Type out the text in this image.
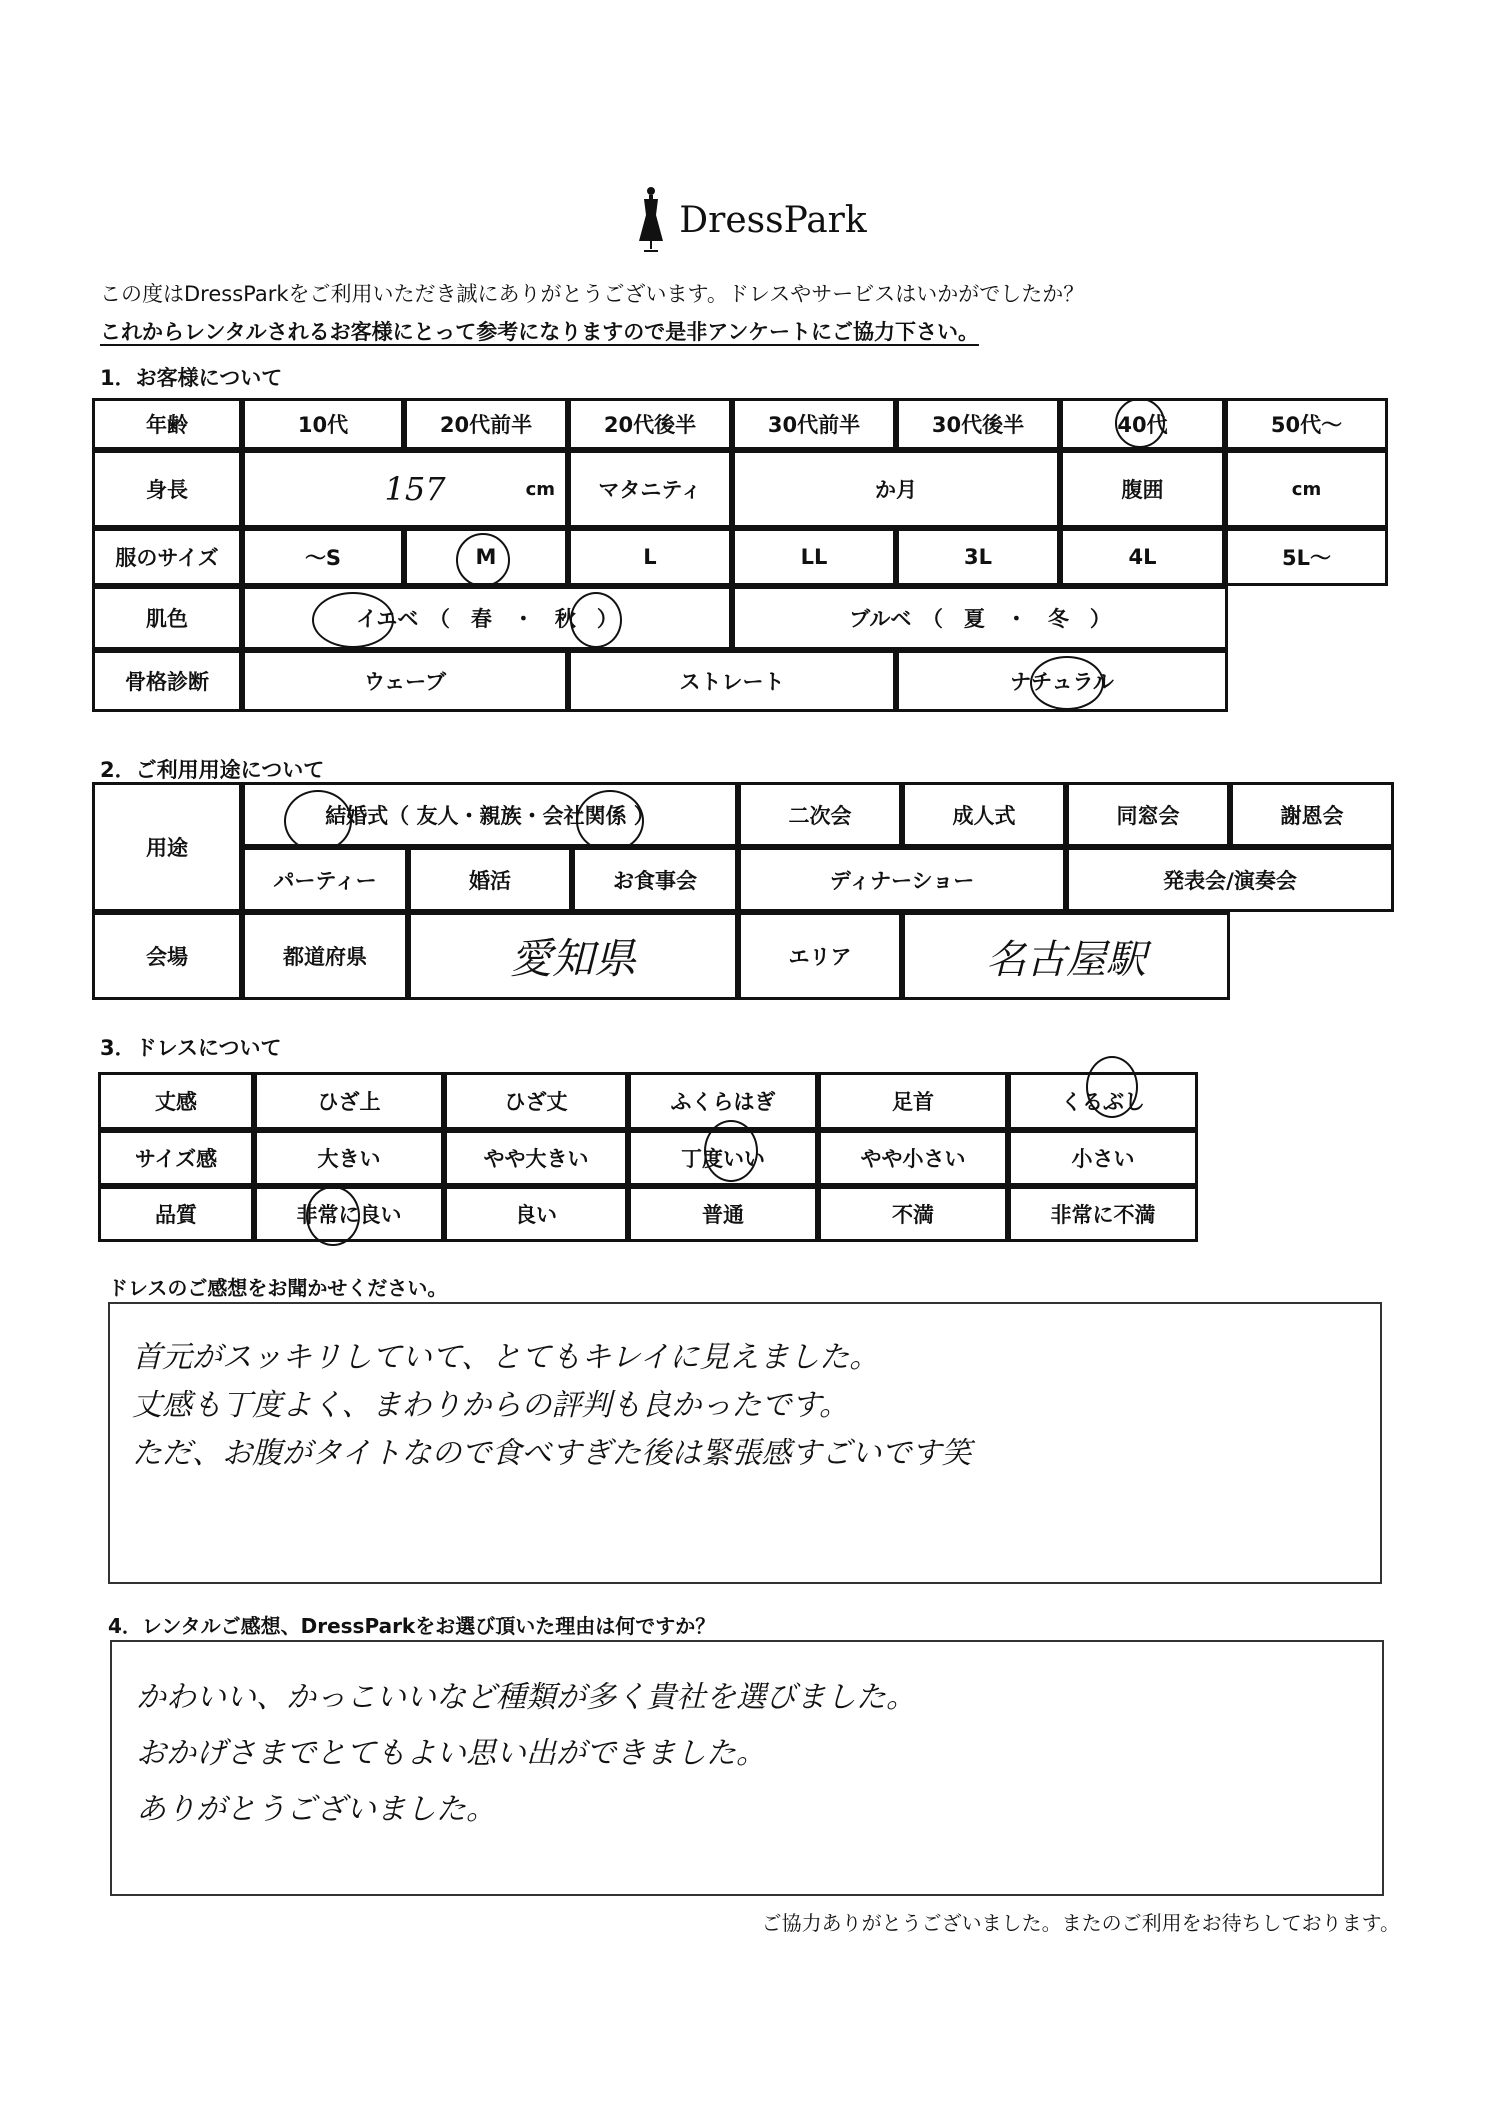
DressPark
この度はDressParkをご利用いただき誠にありがとうございます。ドレスやサービスはいかがでしたか？
これからレンタルされるお客様にとって参考になりますので是非アンケートにご協力下さい。
1．お客様について
年齢	10代	20代前半	20代後半	30代前半	30代後半	40代	50代～
身長	157	cm	マタニティ	か月	腹囲	cm
服のサイズ	～S	M	L	LL	3L	4L	5L～
肌色	イエベ　（　春　・　秋　）	ブルベ　（　夏　・　冬　）
骨格診断	ウェーブ	ストレート	ナチュラル
2．ご利用用途について
用途
結婚式（ 友人・親族・会社関係 ）	二次会	成人式	同窓会	謝恩会
パーティー	婚活	お食事会	ディナーショー	発表会/演奏会
会場	都道府県	愛知県	エリア	名古屋駅
3．ドレスについて
丈感	ひざ上	ひざ丈	ふくらはぎ	足首	くるぶし
サイズ感	大きい	やや大きい	丁度いい	やや小さい	小さい
品質	非常に良い	良い	普通	不満	非常に不満
ドレスのご感想をお聞かせください。
首元がスッキリしていて、とてもキレイに見えました。
丈感も丁度よく、まわりからの評判も良かったです。
ただ、お腹がタイトなので食べすぎた後は緊張感すごいです笑
4．レンタルご感想、DressParkをお選び頂いた理由は何ですか？
かわいい、かっこいいなど種類が多く貴社を選びました。
おかげさまでとてもよい思い出ができました。
ありがとうございました。
ご協力ありがとうございました。またのご利用をお待ちしております。
